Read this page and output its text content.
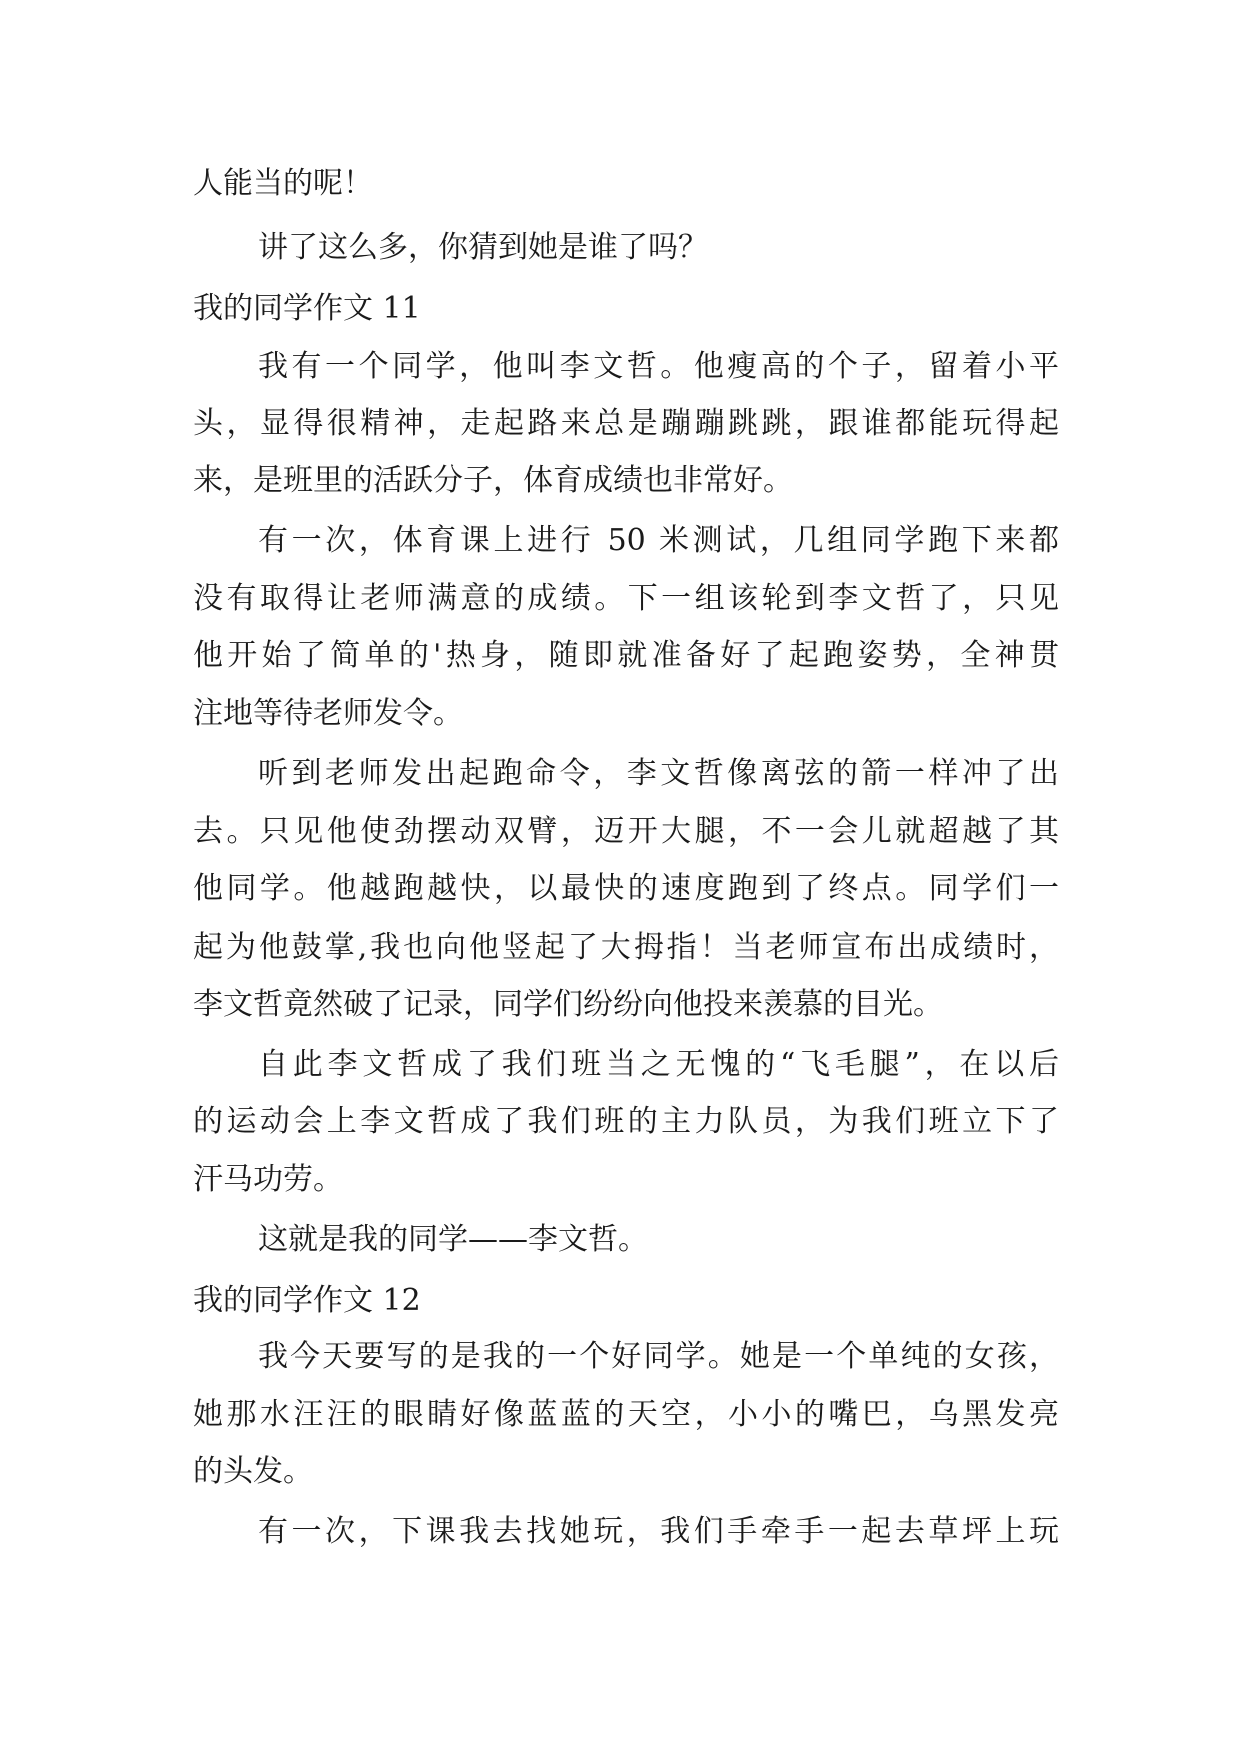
人能当的呢！
讲了这么多，你猜到她是谁了吗？
我的同学作文 11
我有一个同学，他叫李文哲。他瘦高的个子，留着小平
头，显得很精神，走起路来总是蹦蹦跳跳，跟谁都能玩得起
来，是班里的活跃分子，体育成绩也非常好。
有一次，体育课上进行 50 米测试，几组同学跑下来都
没有取得让老师满意的成绩。下一组该轮到李文哲了，只见
他开始了简单的'热身，随即就准备好了起跑姿势，全神贯
注地等待老师发令。
听到老师发出起跑命令，李文哲像离弦的箭一样冲了出
去。只见他使劲摆动双臂，迈开大腿，不一会儿就超越了其
他同学。他越跑越快，以最快的速度跑到了终点。同学们一
起为他鼓掌,我也向他竖起了大拇指！当老师宣布出成绩时，
李文哲竟然破了记录，同学们纷纷向他投来羡慕的目光。
自此李文哲成了我们班当之无愧的“飞毛腿”，在以后
的运动会上李文哲成了我们班的主力队员，为我们班立下了
汗马功劳。
这就是我的同学——李文哲。
我的同学作文 12
我今天要写的是我的一个好同学。她是一个单纯的女孩，
她那水汪汪的眼睛好像蓝蓝的天空，小小的嘴巴，乌黑发亮
的头发。
有一次，下课我去找她玩，我们手牵手一起去草坪上玩
